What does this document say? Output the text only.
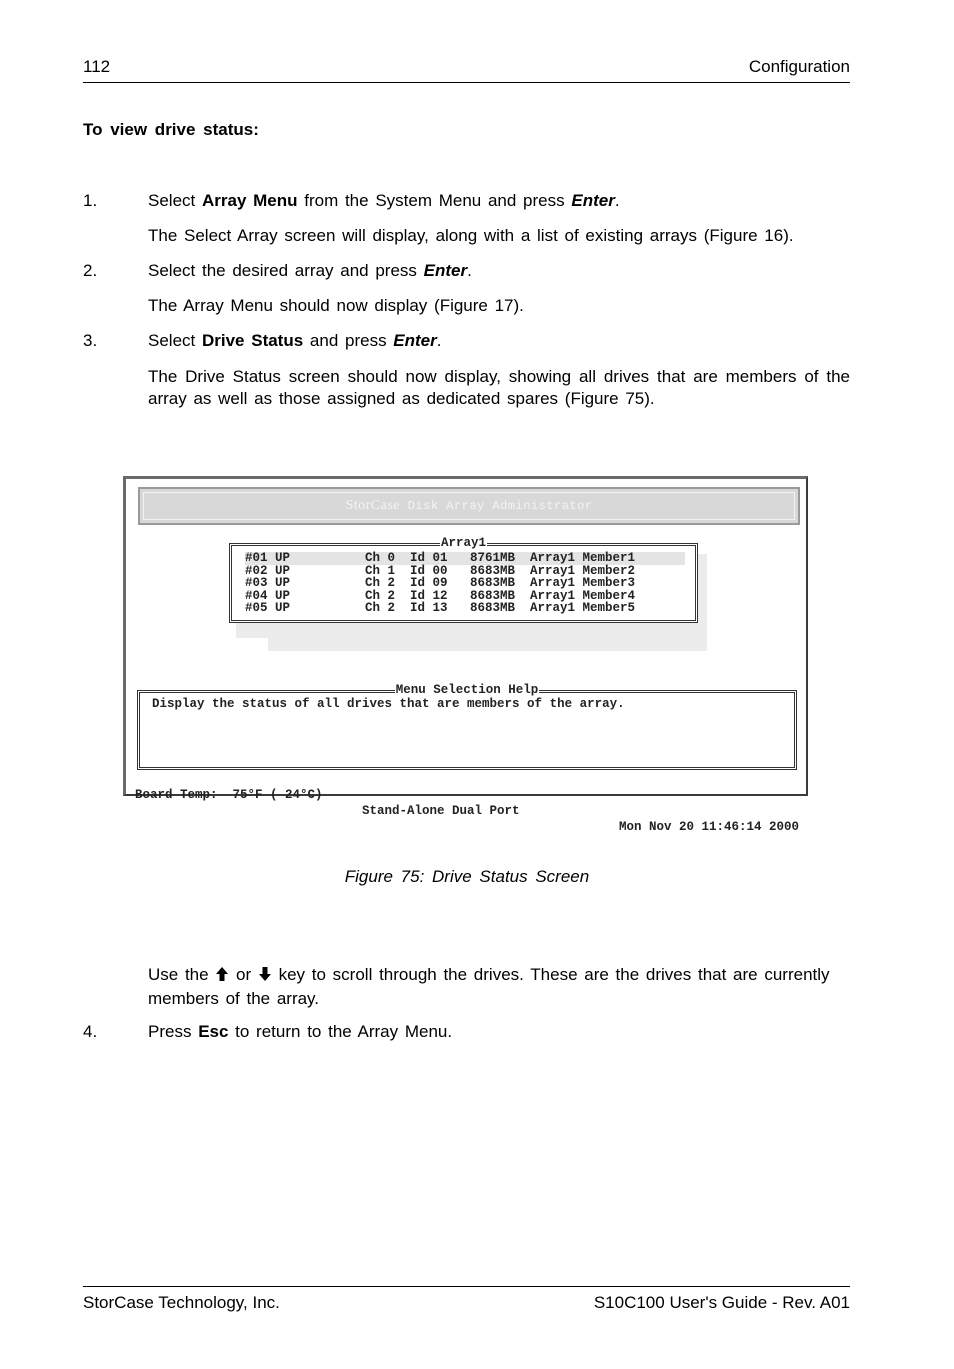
112	Configuration
To view drive status:
1.	Select Array Menu from the System Menu and press Enter.
The Select Array screen will display, along with a list of existing arrays (Figure 16).
2.	Select the desired array and press Enter.
The Array Menu should now display (Figure 17).
3.	Select Drive Status and press Enter.
The Drive Status screen should now display, showing all drives that are members of the array as well as those assigned as dedicated spares (Figure 75).
StorCase Disk Array Administrator
Array1
#01 UP          Ch 0  Id 01   8761MB  Array1 Member1
#02 UP          Ch 1  Id 00   8683MB  Array1 Member2
#03 UP          Ch 2  Id 09   8683MB  Array1 Member3
#04 UP          Ch 2  Id 12   8683MB  Array1 Member4
#05 UP          Ch 2  Id 13   8683MB  Array1 Member5
Menu Selection Help
Display the status of all drives that are members of the array.

Board Temp:  75°F ( 24°C)

Stand-Alone Dual Port

Mon Nov 20 11:46:14 2000

Figure 75: Drive Status Screen
Use the  or  key to scroll through the drives. These are the drives that are currently members of the array.
4.	Press Esc to return to the Array Menu.
StorCase Technology, Inc.	S10C100 User's Guide - Rev. A01
